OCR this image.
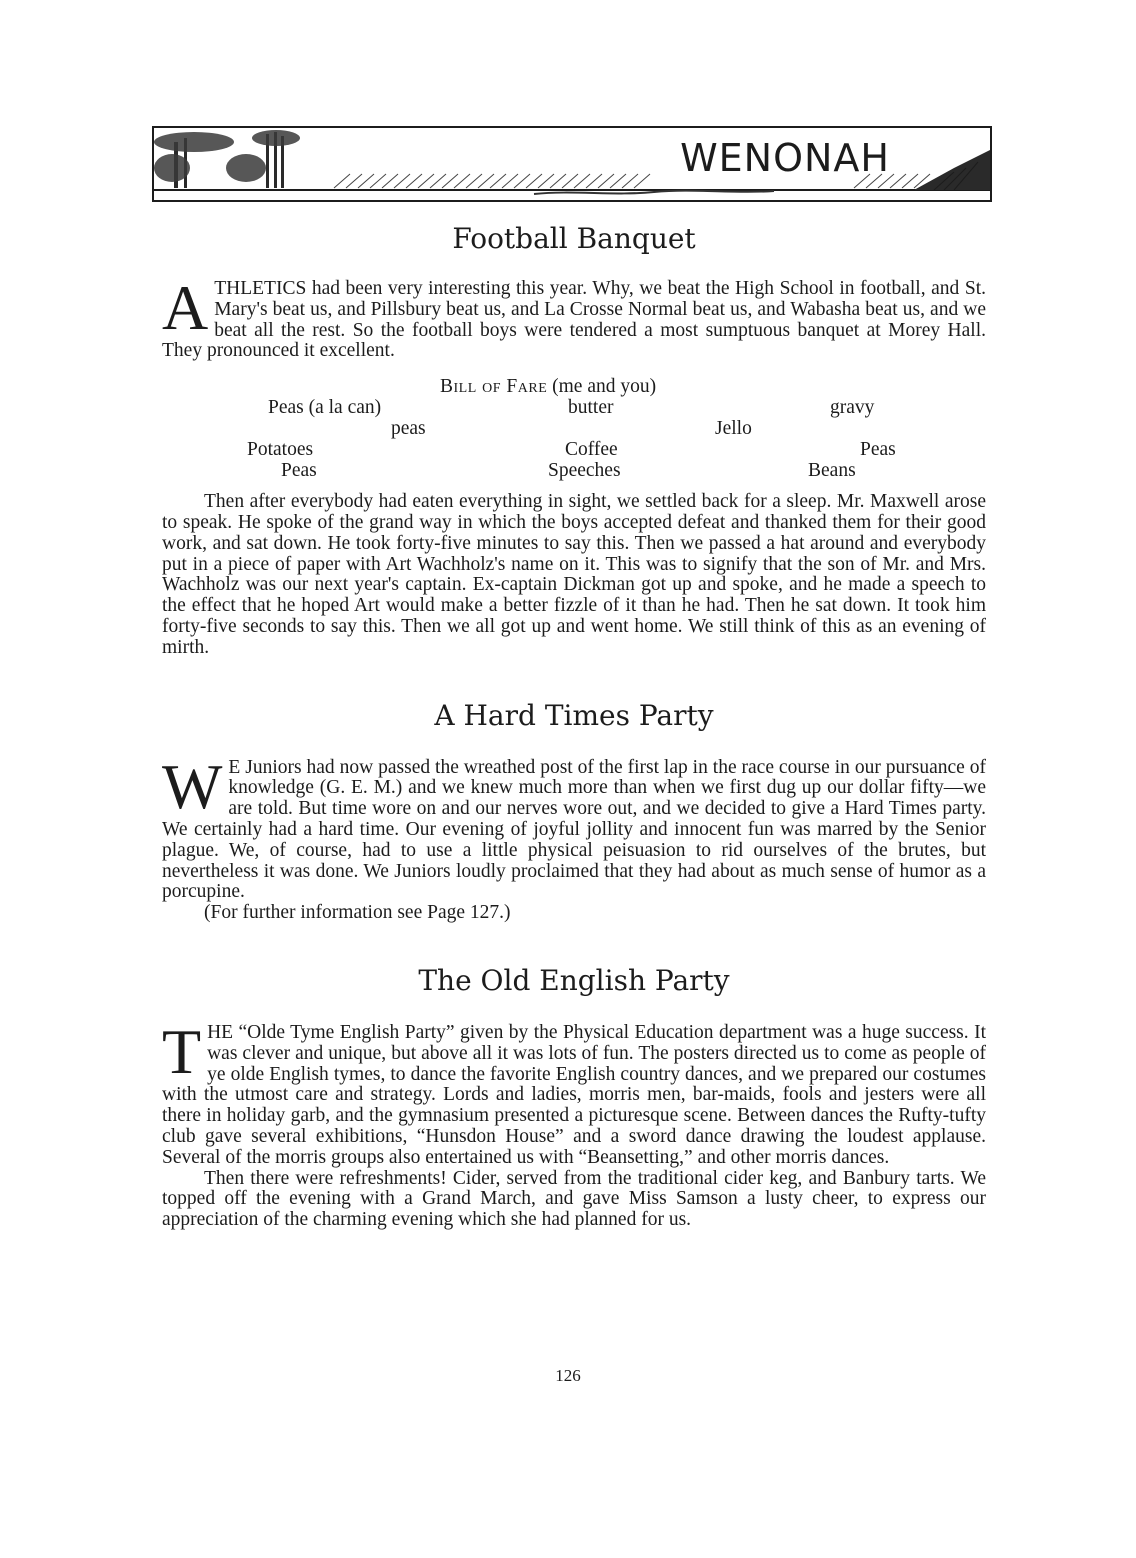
WENONAH
Football Banquet

ATHLETICS had been very interesting this year. Why, we beat the High School in football, and St. Mary's beat us, and Pillsbury beat us, and La Crosse Normal beat us, and Wabasha beat us, and we beat all the rest. So the football boys were tendered a most sumptuous banquet at Morey Hall. They pronounced it excellent.

Bill of Fare (me and you)
Peas (a la can)	butter	gravy
peas	Jello
Potatoes	Coffee	Peas
Peas	Speeches	Beans

Then after everybody had eaten everything in sight, we settled back for a sleep. Mr. Maxwell arose to speak. He spoke of the grand way in which the boys accepted defeat and thanked them for their good work, and sat down. He took forty-five minutes to say this. Then we passed a hat around and everybody put in a piece of paper with Art Wachholz's name on it. This was to signify that the son of Mr. and Mrs. Wachholz was our next year's captain. Ex-captain Dickman got up and spoke, and he made a speech to the effect that he hoped Art would make a better fizzle of it than he had. Then he sat down. It took him forty-five seconds to say this. Then we all got up and went home. We still think of this as an evening of mirth.

A Hard Times Party

W E Juniors had now passed the wreathed post of the first lap in the race course in our pursuance of knowledge (G. E. M.) and we knew much more than when we first dug up our dollar fifty—we are told. But time wore on and our nerves wore out, and we decided to give a Hard Times party. We certainly had a hard time. Our evening of joyful jollity and innocent fun was marred by the Senior plague. We, of course, had to use a little physical peisuasion to rid ourselves of the brutes, but nevertheless it was done. We Juniors loudly proclaimed that they had about as much sense of humor as a porcupine.

(For further information see Page 127.)

The Old English Party

THE “Olde Tyme English Party” given by the Physical Education department was a huge success. It was clever and unique, but above all it was lots of fun. The posters directed us to come as people of ye olde English tymes, to dance the favorite English country dances, and we prepared our costumes with the utmost care and strategy. Lords and ladies, morris men, bar-maids, fools and jesters were all there in holiday garb, and the gymnasium presented a picturesque scene. Between dances the Rufty-tufty club gave several exhibitions, “Hunsdon House” and a sword dance drawing the loudest applause. Several of the morris groups also entertained us with “Beansetting,” and other morris dances.

Then there were refreshments! Cider, served from the traditional cider keg, and Banbury tarts. We topped off the evening with a Grand March, and gave Miss Samson a lusty cheer, to express our appreciation of the charming evening which she had planned for us.

126
